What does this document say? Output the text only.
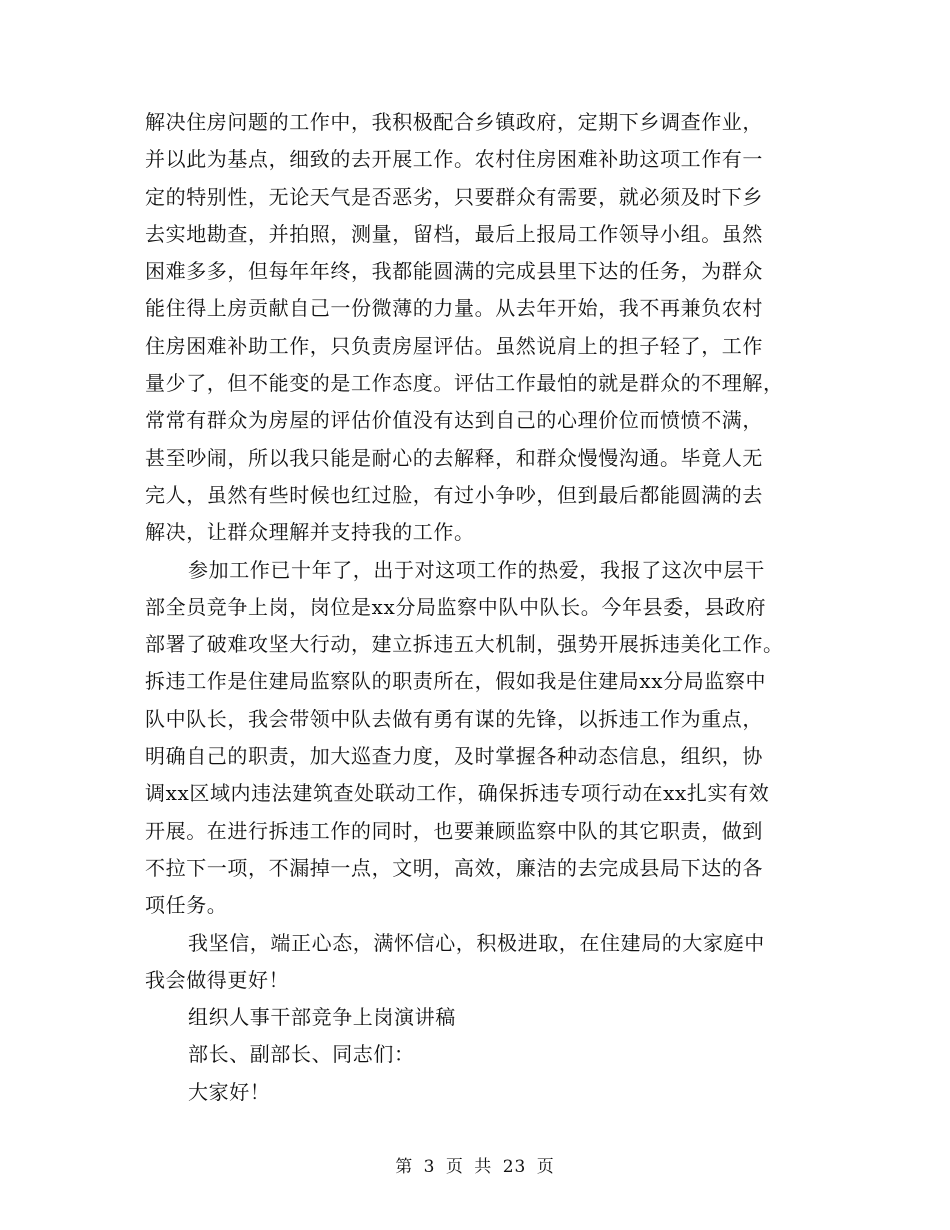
解决住房问题的工作中，我积极配合乡镇政府，定期下乡调查作业，
并以此为基点，细致的去开展工作。农村住房困难补助这项工作有一
定的特别性，无论天气是否恶劣，只要群众有需要，就必须及时下乡
去实地勘查，并拍照，测量，留档，最后上报局工作领导小组。虽然
困难多多，但每年年终，我都能圆满的完成县里下达的任务，为群众
能住得上房贡献自己一份微薄的力量。从去年开始，我不再兼负农村
住房困难补助工作，只负责房屋评估。虽然说肩上的担子轻了，工作
量少了，但不能变的是工作态度。评估工作最怕的就是群众的不理解，
常常有群众为房屋的评估价值没有达到自己的心理价位而愤愤不满，
甚至吵闹，所以我只能是耐心的去解释，和群众慢慢沟通。毕竟人无
完人，虽然有些时候也红过脸，有过小争吵，但到最后都能圆满的去
解决，让群众理解并支持我的工作。
参加工作已十年了，出于对这项工作的热爱，我报了这次中层干
部全员竞争上岗，岗位是xx分局监察中队中队长。今年县委，县政府
部署了破难攻坚大行动，建立拆违五大机制，强势开展拆违美化工作。
拆违工作是住建局监察队的职责所在，假如我是住建局xx分局监察中
队中队长，我会带领中队去做有勇有谋的先锋，以拆违工作为重点，
明确自己的职责，加大巡查力度，及时掌握各种动态信息，组织，协
调xx区域内违法建筑查处联动工作，确保拆违专项行动在xx扎实有效
开展。在进行拆违工作的同时，也要兼顾监察中队的其它职责，做到
不拉下一项，不漏掉一点，文明，高效，廉洁的去完成县局下达的各
项任务。
我坚信，端正心态，满怀信心，积极进取，在住建局的大家庭中
我会做得更好！
组织人事干部竞争上岗演讲稿
部长、副部长、同志们：
大家好！
第 3 页 共 23 页
